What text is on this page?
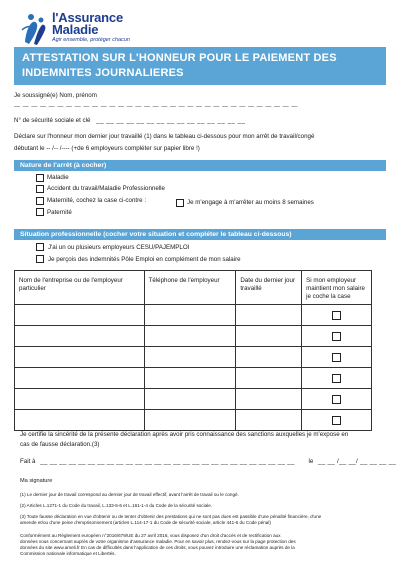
l'Assurance
Maladie
Agir ensemble, protéger chacun
ATTESTATION SUR L'HONNEUR POUR LE PAIEMENT DES
INDEMNITES JOURNALIERES
Je soussigné(e) Nom, prénom
— — — — — — — — — — — — — — — — — — — — — — — — — — — — — — — — —
N° de sécurité sociale et clé __ __ __ __ __ __ __ __ __ __ __ __ __ __ __
Déclare sur l'honneur mon dernier jour travaillé (1) dans le tableau ci-dessous pour mon arrêt de travail/congé
débutant le -- /-- /---- (+de 6 employeurs compléter sur papier libre !)
Nature de l'arrêt (à cocher)
Maladie
Accident du travail/Maladie Professionnelle
Maternité, cochez la case ci-contre :	Je m'engage à m'arrêter au moins 8 semaines
Paternité
Situation professionnelle (cocher votre situation et compléter le tableau ci-dessous)
J'ai un ou plusieurs employeurs CESU/PAJEMPLOI
Je perçois des indemnités Pôle Emploi en complément de mon salaire
Nom de l'entreprise ou de l'employeur particulier	Téléphone de l'employeur	Date du dernier jour travaillé	Si mon employeur maintient mon salaire je coche la case

Je certifie la sincérité de la présente déclaration après avoir pris connaissance des sanctions auxquelles je m'expose en
cas de fausse déclaration.(3)
Fait à __ __ __ __ __ __ __ __ __ __ __ __ __ __ __ __ __ __ __ __ __ __ __ __ __ __ __ le __ __ /__ __/ __ __ __ __
Ma signature
(1) Le dernier jour de travail correspond au dernier jour de travail effectif, avant l'arrêt de travail ou le congé.
(2) Articles L.1271-1 du Code du travail, L.133-5-6 et L.161-1-4 du Code de la sécurité sociale.
(3) Toute fausse déclaration en vue d'obtenir ou de tenter d'obtenir des prestations qui ne sont pas dues est passible d'une pénalité financière, d'une
amende et/ou d'une peine d'emprisonnement (articles L.114-17-1 du Code de sécurité sociale, article 441-6 du Code pénal)
Conformément au Règlement européen n°2016/679/UE du 27 avril 2016, vous disposez d'un droit d'accès et de rectification aux
données vous concernant auprès de votre organisme d'assurance maladie. Pour en savoir plus, rendez-vous sur la page protection des
données du site www.ameli.fr En cas de difficultés dans l'application de ces droits, vous pouvez introduire une réclamation auprès de la
Commission nationale informatique et Libertés.
